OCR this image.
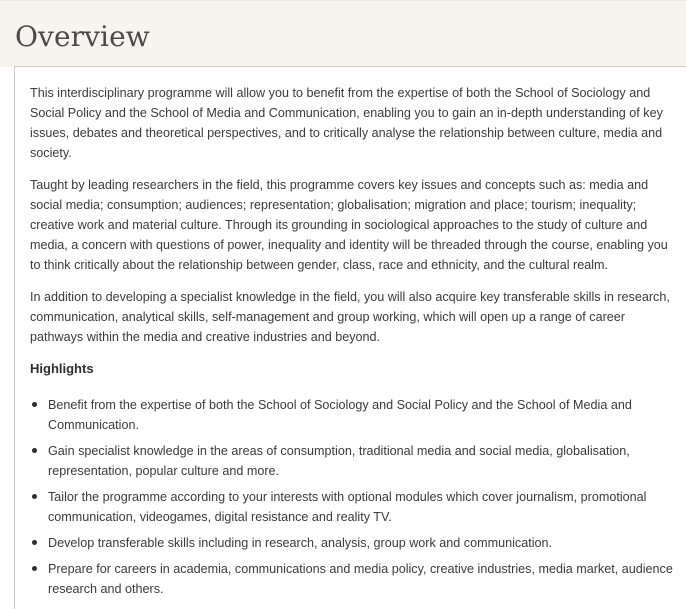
Overview

This interdisciplinary programme will allow you to benefit from the expertise of both the School of Sociology and Social Policy and the School of Media and Communication, enabling you to gain an in-depth understanding of key issues, debates and theoretical perspectives, and to critically analyse the relationship between culture, media and society.

Taught by leading researchers in the field, this programme covers key issues and concepts such as: media and social media; consumption; audiences; representation; globalisation; migration and place; tourism; inequality; creative work and material culture. Through its grounding in sociological approaches to the study of culture and media, a concern with questions of power, inequality and identity will be threaded through the course, enabling you to think critically about the relationship between gender, class, race and ethnicity, and the cultural realm.

In addition to developing a specialist knowledge in the field, you will also acquire key transferable skills in research, communication, analytical skills, self-management and group working, which will open up a range of career pathways within the media and creative industries and beyond.

Highlights
Benefit from the expertise of both the School of Sociology and Social Policy and the School of Media and Communication.
Gain specialist knowledge in the areas of consumption, traditional media and social media, globalisation, representation, popular culture and more.
Tailor the programme according to your interests with optional modules which cover journalism, promotional communication, videogames, digital resistance and reality TV.
Develop transferable skills including in research, analysis, group work and communication.
Prepare for careers in academia, communications and media policy, creative industries, media market, audience research and others.
